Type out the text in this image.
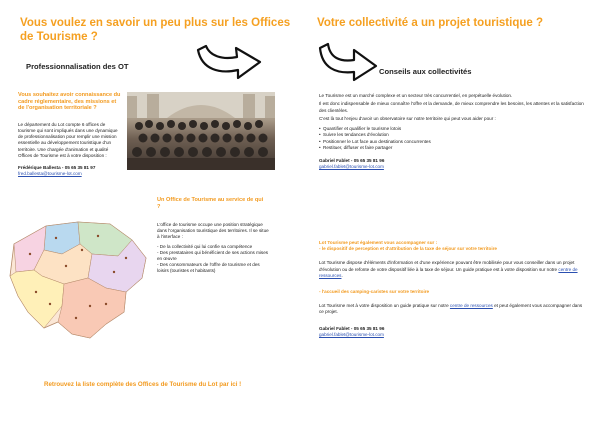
Vous voulez en savoir un peu plus sur les Offices
de Tourisme ?
Professionnalisation des OT
Vous souhaitez avoir connaissance du cadre réglementaire, des missions et de l'organisation territoriale ?
Le département du Lot compte 6 offices de tourisme qui sont impliqués dans une dynamique de professionnalisation pour remplir une mission essentielle au développement touristique d'un territoire. Une chargée d'animation et qualité Offices de Tourisme est à votre disposition :
Frédérique Ballesta - 05 65 35 81 97
fred.ballesta@tourisme-lot.com
Un Office de Tourisme au service de qui ?
L'office de tourisme occupe une position stratégique dans l'organisation touristique des territoires. Il se situe à l'interface :
- De la collectivité qui lui confie sa compétence
- Des prestataires qui bénéficient de ses actions mises en œuvre
- Des consommateurs de l'offre de tourisme et des loisirs (touristes et habitants)
Retrouvez la liste complète des Offices de Tourisme du Lot par ici !
Votre collectivité a un projet touristique ?
Conseils aux collectivités

Le Tourisme est un marché complexe et un secteur très concurrentiel, en perpétuelle évolution.

Il est donc indispensable de mieux connaître l'offre et la demande, de mieux comprendre les besoins, les attentes et la satisfaction des clientèles.

C'est là tout l'enjeu d'avoir un observatoire sur notre territoire qui peut vous aider pour :

• Quantifier et qualifier le tourisme lotois
• Suivre les tendances d'évolution
• Positionner le Lot face aux destinations concurrentes
• Restituer, diffuser et faire partager
Gabriel Fablet - 05 65 35 81 96
gabriel.fablet@tourisme-lot.com
Lot Tourisme peut également vous accompagner sur :
- le dispositif de perception et d'attribution de la taxe de séjour sur votre territoire
Lot Tourisme dispose d'éléments d'information et d'une expérience pouvant être mobilisée pour vous conseiller dans un projet d'évolution ou de refonte de votre dispositif liée à la taxe de séjour. Un guide pratique est à votre disposition sur notre centre de ressources.
- l'accueil des camping-caristes sur votre territoire
Lot Tourisme met à votre disposition un guide pratique sur notre centre de ressources et peut également vous accompagner dans ce projet.
Gabriel Fablet - 05 65 35 81 96
gabriel.fablet@tourisme-lot.com
